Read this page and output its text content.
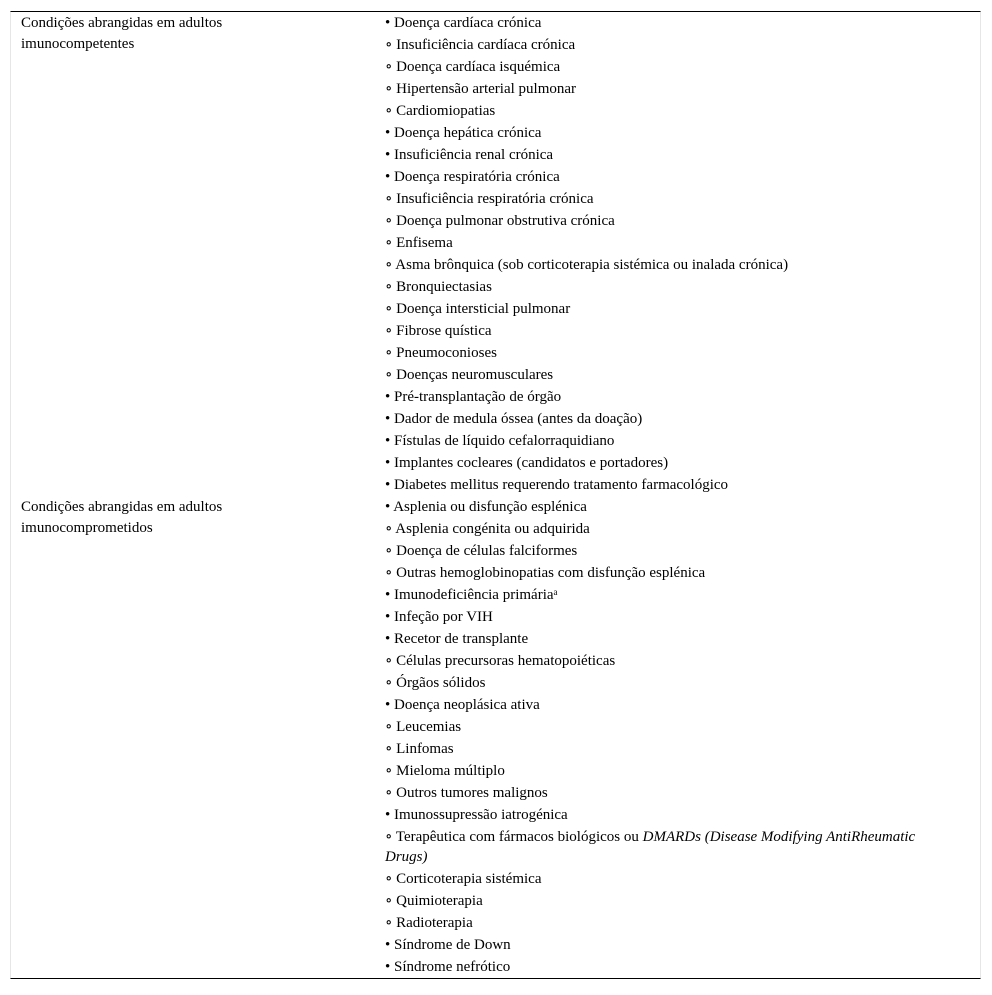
Condições abrangidas em adultos imunocompetentes
• Doença cardíaca crónica
∘ Insuficiência cardíaca crónica
∘ Doença cardíaca isquémica
∘ Hipertensão arterial pulmonar
∘ Cardiomiopatias
• Doença hepática crónica
• Insuficiência renal crónica
• Doença respiratória crónica
∘ Insuficiência respiratória crónica
∘ Doença pulmonar obstrutiva crónica
∘ Enfisema
∘ Asma brônquica (sob corticoterapia sistémica ou inalada crónica)
∘ Bronquiectasias
∘ Doença intersticial pulmonar
∘ Fibrose quística
∘ Pneumoconioses
∘ Doenças neuromusculares
• Pré-transplantação de órgão
• Dador de medula óssea (antes da doação)
• Fístulas de líquido cefalorraquidiano
• Implantes cocleares (candidatos e portadores)
• Diabetes mellitus requerendo tratamento farmacológico
Condições abrangidas em adultos imunocomprometidos
• Asplenia ou disfunção esplénica
∘ Asplenia congénita ou adquirida
∘ Doença de células falciformes
∘ Outras hemoglobinopatias com disfunção esplénica
• Imunodeficiência primária$^a$
• Infeção por VIH
• Recetor de transplante
∘ Células precursoras hematopoiéticas
∘ Órgãos sólidos
• Doença neoplásica ativa
∘ Leucemias
∘ Linfomas
∘ Mieloma múltiplo
∘ Outros tumores malignos
• Imunossupressão iatrogénica
∘ Terapêutica com fármacos biológicos ou DMARDs (Disease Modifying AntiRheumatic Drugs)
∘ Corticoterapia sistémica
∘ Quimioterapia
∘ Radioterapia
• Síndrome de Down
• Síndrome nefrótico
